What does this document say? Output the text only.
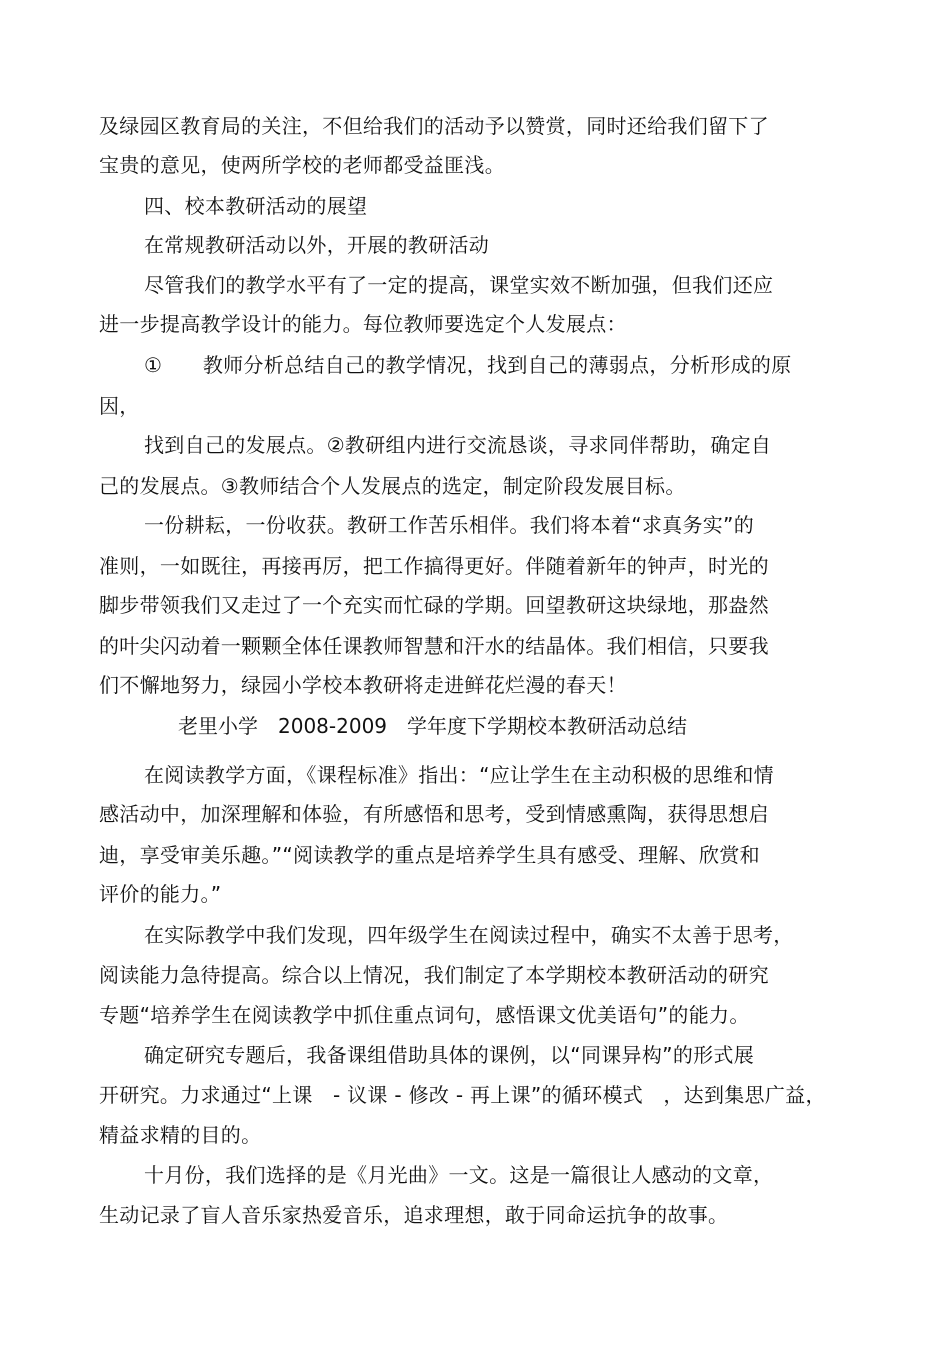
及绿园区教育局的关注，不但给我们的活动予以赞赏，同时还给我们留下了
宝贵的意见，使两所学校的老师都受益匪浅。
四、校本教研活动的展望
在常规教研活动以外，开展的教研活动
尽管我们的教学水平有了一定的提高，课堂实效不断加强，但我们还应
进一步提高教学设计的能力。每位教师要选定个人发展点：
①　　教师分析总结自己的教学情况，找到自己的薄弱点，分析形成的原
因，
找到自己的发展点。②教研组内进行交流恳谈，寻求同伴帮助，确定自
己的发展点。③教师结合个人发展点的选定，制定阶段发展目标。
一份耕耘，一份收获。教研工作苦乐相伴。我们将本着“求真务实”的
准则，一如既往，再接再厉，把工作搞得更好。伴随着新年的钟声，时光的
脚步带领我们又走过了一个充实而忙碌的学期。回望教研这块绿地，那盎然
的叶尖闪动着一颗颗全体任课教师智慧和汗水的结晶体。我们相信，只要我
们不懈地努力，绿园小学校本教研将走进鲜花烂漫的春天！
老里小学　2008-2009　学年度下学期校本教研活动总结
在阅读教学方面，《课程标准》指出：“应让学生在主动积极的思维和情
感活动中，加深理解和体验，有所感悟和思考，受到情感熏陶，获得思想启
迪，享受审美乐趣。”“阅读教学的重点是培养学生具有感受、理解、欣赏和
评价的能力。”
在实际教学中我们发现，四年级学生在阅读过程中，确实不太善于思考，
阅读能力急待提高。综合以上情况，我们制定了本学期校本教研活动的研究
专题“培养学生在阅读教学中抓住重点词句，感悟课文优美语句”的能力。
确定研究专题后，我备课组借助具体的课例，以“同课异构”的形式展
开研究。力求通过“上课　- 议课 - 修改 - 再上课”的循环模式　，达到集思广益，
精益求精的目的。
十月份，我们选择的是《月光曲》一文。这是一篇很让人感动的文章，
生动记录了盲人音乐家热爱音乐，追求理想，敢于同命运抗争的故事。
